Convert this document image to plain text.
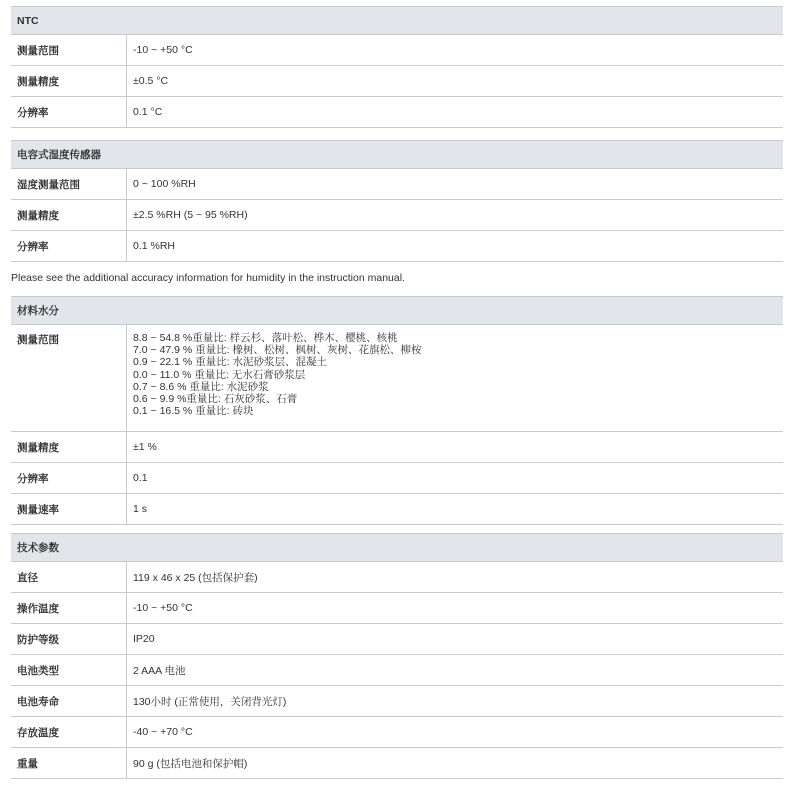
NTC
测量范围	-10 ~ +50 °C
测量精度	±0.5 °C
分辨率	0.1 °C
电容式湿度传感器
湿度测量范围	0 ~ 100 %RH
测量精度	±2.5 %RH (5 ~ 95 %RH)
分辨率	0.1 %RH
Please see the additional accuracy information for humidity in the instruction manual.
材料水分
测量范围	8.8 ~ 54.8 %重量比: 样云杉、落叶松、桦木、樱桃、核桃
7.0 ~ 47.9 % 重量比: 橡树、松树、枫树、灰树、花旗松、柳桉
0.9 ~ 22.1 % 重量比: 水泥砂浆层、混凝土
0.0 ~ 11.0 % 重量比: 无水石膏砂浆层
0.7 ~ 8.6 % 重量比: 水泥砂浆
0.6 ~ 9.9 %重量比: 石灰砂浆、石膏
0.1 ~ 16.5 % 重量比: 砖块
测量精度	±1 %
分辨率	0.1
测量速率	1 s
技术参数
直径	119 x 46 x 25 (包括保护套)
操作温度	-10 ~ +50 °C
防护等级	IP20
电池类型	2 AAA 电池
电池寿命	130小时 (正常使用，关闭背光灯)
存放温度	-40 ~ +70 °C
重量	90 g (包括电池和保护帽)
